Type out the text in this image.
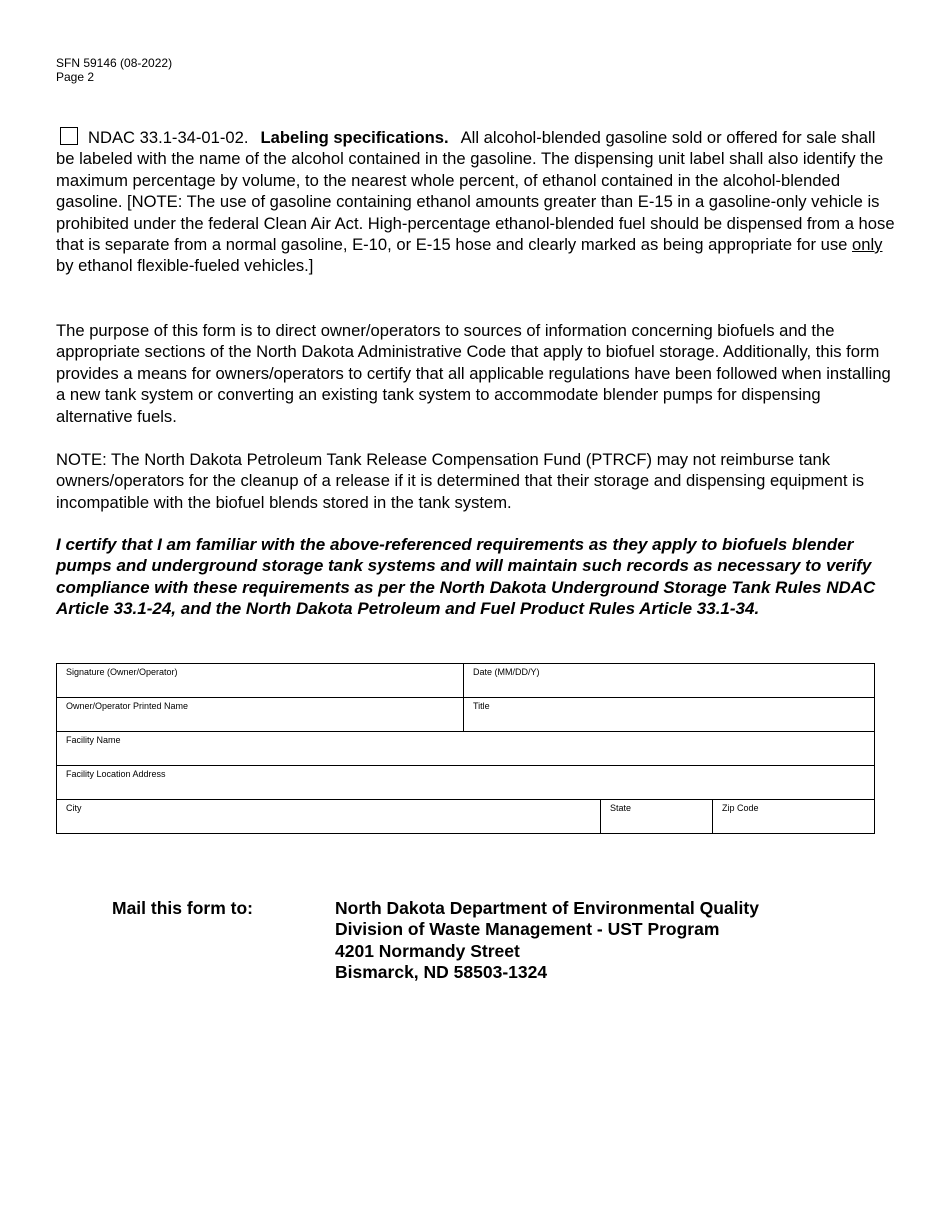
SFN 59146 (08-2022)
Page 2
NDAC 33.1-34-01-02. Labeling specifications. All alcohol-blended gasoline sold or offered for sale shall be labeled with the name of the alcohol contained in the gasoline. The dispensing unit label shall also identify the maximum percentage by volume, to the nearest whole percent, of ethanol contained in the alcohol-blended gasoline. [NOTE: The use of gasoline containing ethanol amounts greater than E-15 in a gasoline-only vehicle is prohibited under the federal Clean Air Act. High-percentage ethanol-blended fuel should be dispensed from a hose that is separate from a normal gasoline, E-10, or E-15 hose and clearly marked as being appropriate for use only by ethanol flexible-fueled vehicles.]
The purpose of this form is to direct owner/operators to sources of information concerning biofuels and the appropriate sections of the North Dakota Administrative Code that apply to biofuel storage. Additionally, this form provides a means for owners/operators to certify that all applicable regulations have been followed when installing a new tank system or converting an existing tank system to accommodate blender pumps for dispensing alternative fuels.
NOTE: The North Dakota Petroleum Tank Release Compensation Fund (PTRCF) may not reimburse tank owners/operators for the cleanup of a release if it is determined that their storage and dispensing equipment is incompatible with the biofuel blends stored in the tank system.
I certify that I am familiar with the above-referenced requirements as they apply to biofuels blender pumps and underground storage tank systems and will maintain such records as necessary to verify compliance with these requirements as per the North Dakota Underground Storage Tank Rules NDAC Article 33.1-24, and the North Dakota Petroleum and Fuel Product Rules Article 33.1-34.
Signature (Owner/Operator)	Date (MM/DD/Y)		

Owner/Operator Printed Name	Title		

Facility Name			

Facility Location Address			

City		State	Zip Code
Mail this form to:	North Dakota Department of Environmental Quality
Division of Waste Management - UST Program
4201 Normandy Street
Bismarck, ND 58503-1324
